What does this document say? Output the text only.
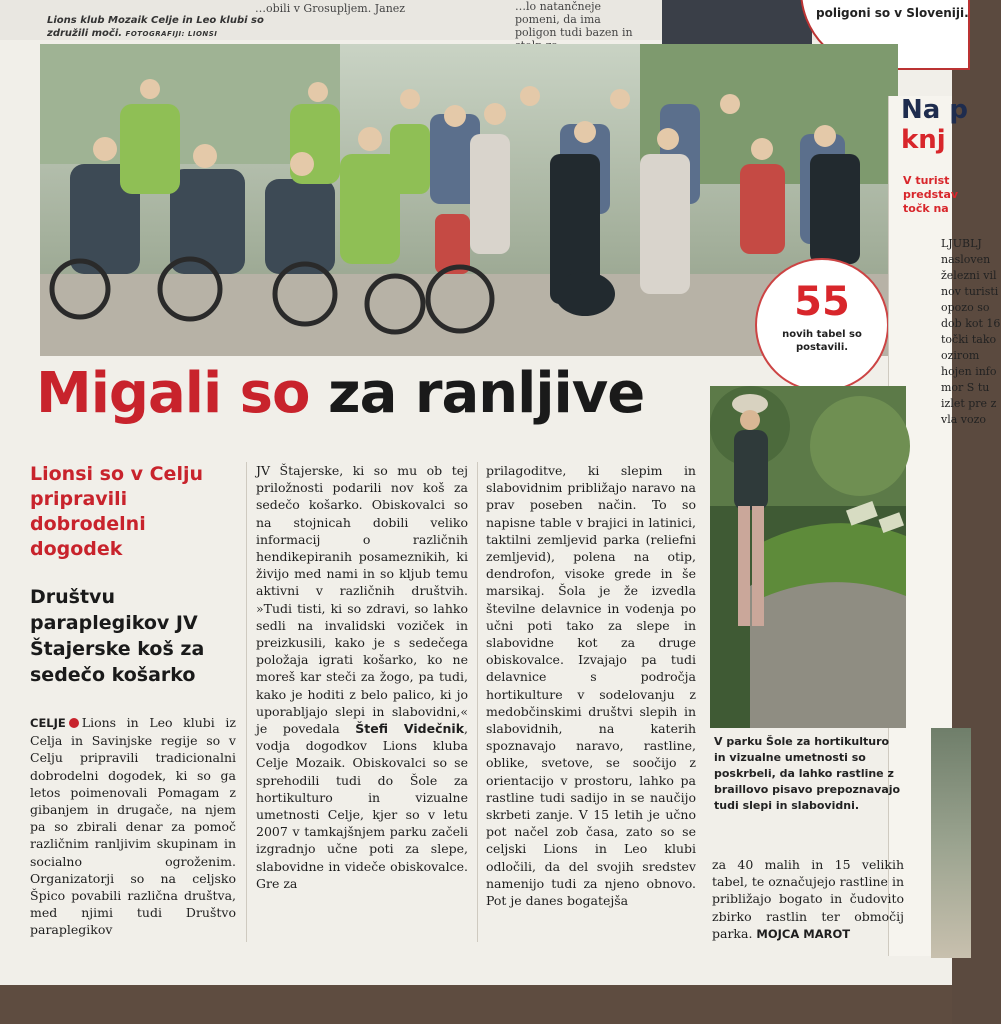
…obili v Grosupljem. Janez	…lo natančneje pomeni, da ima poligon tudi bazen in
poligoni so v Sloveniji.
Lions klub Mozaik Celje in Leo klubi so združili moči. FOTOGRAFIJI: LIONSI
55
novih tabel so postavili.
Na p
knj
V turist predstav točk na
LJUBLJ nasloven železni vil nov turisti opozo so dob kot 16 točki tako ozirom hojen info mor S tu izlet pre z vla vozo
Migali so za ranljive
Lionsi so v Celju pripravili dobrodelni dogodek
Društvu paraplegikov JV Štajerske koš za sedečo košarko
CELJE Lions in Leo klubi iz Celja in Savinjske regije so v Celju pripravili tradicionalni dobrodelni dogodek, ki so ga letos poimenovali Pomagam z gibanjem in drugače, na njem pa so zbirali denar za pomoč različnim ranljivim skupinam in socialno ogroženim. Organizatorji so na celjsko Špico povabili različna društva, med njimi tudi Društvo paraplegikov
JV Štajerske, ki so mu ob tej priložnosti podarili nov koš za sedečo košarko. Obiskovalci so na stojnicah dobili veliko informacij o različnih hendikepiranih posameznikih, ki živijo med nami in so kljub temu aktivni v različnih društvih. »Tudi tisti, ki so zdravi, so lahko sedli na invalidski voziček in preizkusili, kako je s sedečega položaja igrati košarko, ko ne moreš kar steči za žogo, pa tudi, kako je hoditi z belo palico, ki jo uporabljajo slepi in slabovidni,« je povedala Štefi Videčnik, vodja dogodkov Lions kluba Celje Mozaik. Obiskovalci so se sprehodili tudi do Šole za hortikulturo in vizualne umetnosti Celje, kjer so v letu 2007 v tamkajšnjem parku začeli izgradnjo učne poti za slepe, slabovidne in videče obiskovalce. Gre za
prilagoditve, ki slepim in slabovidnim približajo naravo na prav poseben način. To so napisne table v brajici in latinici, taktilni zemljevid parka (reliefni zemljevid), polena na otip, dendrofon, visoke grede in še marsikaj. Šola je že izvedla številne delavnice in vodenja po učni poti tako za slepe in slabovidne kot za druge obiskovalce. Izvajajo pa tudi delavnice s področja hortikulture v sodelovanju z medobčinskimi društvi slepih in slabovidnih, na katerih spoznavajo naravo, rastline, oblike, svetove, se soočijo z orientacijo v prostoru, lahko pa rastline tudi sadijo in se naučijo skrbeti zanje. V 15 letih je učno pot načel zob časa, zato so se celjski Lions in Leo klubi odločili, da del svojih sredstev namenijo tudi za njeno obnovo. Pot je danes bogatejša
V parku Šole za hortikulturo in vizualne umetnosti so poskrbeli, da lahko rastline z braillovo pisavo prepoznavajo tudi slepi in slabovidni.
za 40 malih in 15 velikih tabel, te označujejo rastline in približajo bogato in čudovito zbirko rastlin ter območij parka. MOJCA MAROT
